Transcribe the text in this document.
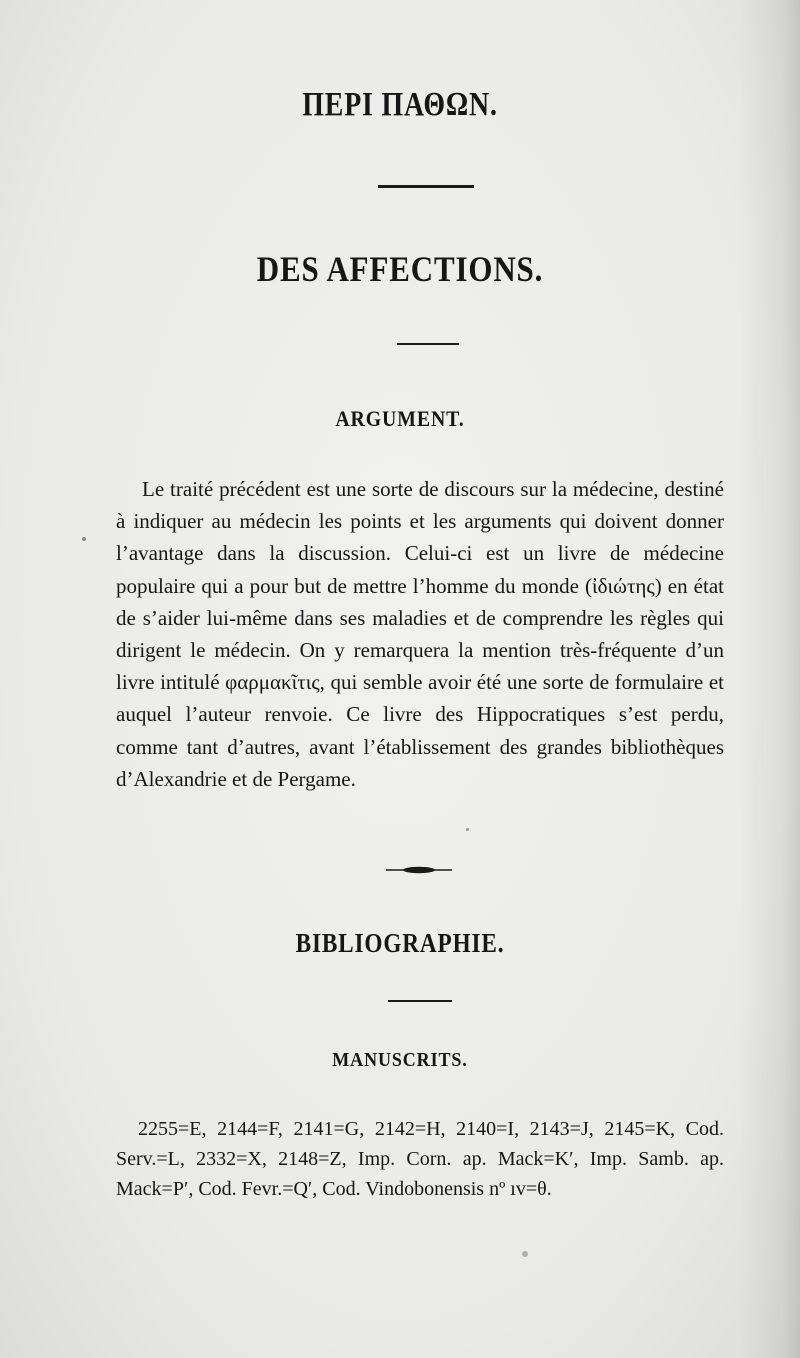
ΠΕΡΙ ΠΑΘΩΝ.
DES AFFECTIONS.
ARGUMENT.

Le traité précédent est une sorte de discours sur la médecine, destiné à indiquer au médecin les points et les arguments qui doivent donner l’avantage dans la discussion. Celui-ci est un livre de médecine populaire qui a pour but de mettre l’homme du monde (ἰδιώτης) en état de s’aider lui-même dans ses maladies et de comprendre les règles qui dirigent le médecin. On y remarquera la mention très-fréquente d’un livre intitulé φαρμακῖτις, qui semble avoir été une sorte de formulaire et auquel l’auteur renvoie. Ce livre des Hippocratiques s’est perdu, comme tant d’autres, avant l’établissement des grandes bibliothèques d’Alexandrie et de Pergame.

BIBLIOGRAPHIE.
MANUSCRITS.

2255=E, 2144=F, 2141=G, 2142=H, 2140=I, 2143=J, 2145=K, Cod. Serv.=L, 2332=X, 2148=Z, Imp. Corn. ap. Mack=K′, Imp. Samb. ap. Mack=P′, Cod. Fevr.=Q′, Cod. Vindobonensis nº ıv=θ.
